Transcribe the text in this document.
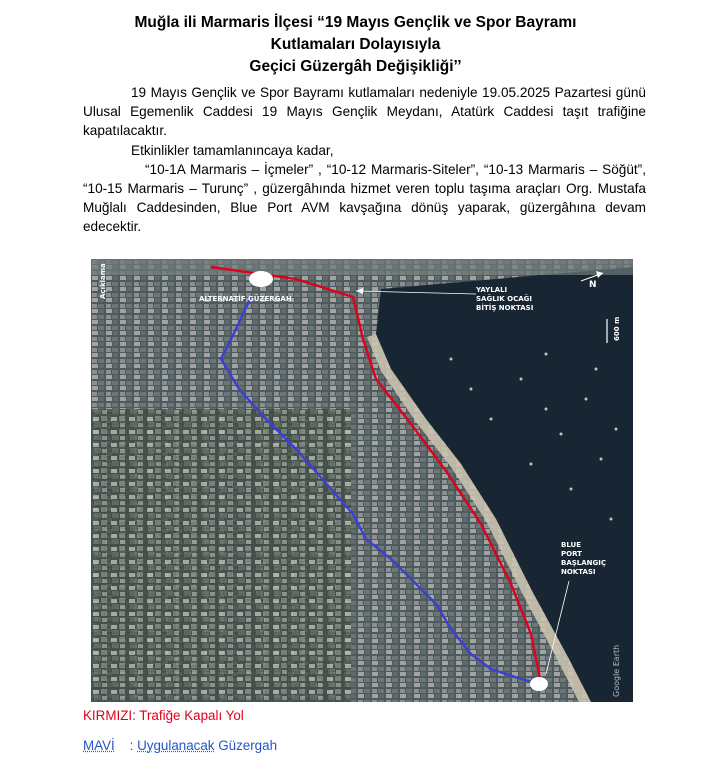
Muğla ili Marmaris İlçesi “19 Mayıs Gençlik ve Spor Bayramı
Kutlamaları Dolayısıyla
Geçici Güzergâh Değişikliği’’
19 Mayıs Gençlik ve Spor Bayramı kutlamaları nedeniyle 19.05.2025 Pazartesi günü Ulusal Egemenlik Caddesi 19 Mayıs Gençlik Meydanı, Atatürk Caddesi taşıt trafiğine kapatılacaktır.
Etkinlikler tamamlanıncaya kadar,
“10-1A Marmaris – İçmeler” , “10-12 Marmaris-Siteler”, “10-13 Marmaris – Söğüt”, “10-15 Marmaris – Turunç” , güzergâhında hizmet veren toplu taşıma araçları Org. Mustafa Muğlalı Caddesinden, Blue Port AVM kavşağına dönüş yaparak, güzergâhına devam edecektir.
Açıklama	ALTERNATİF GÜZERGAH
YAYLALI
SAĞLIK OCAĞI
BİTİŞ NOKTASI
BLUE
PORT
BAŞLANGIÇ
NOKTASI
N
600 m
Google Earth
KIRMIZI: Trafiğe Kapalı Yol
MAVİ    : Uygulanacak Güzergah
